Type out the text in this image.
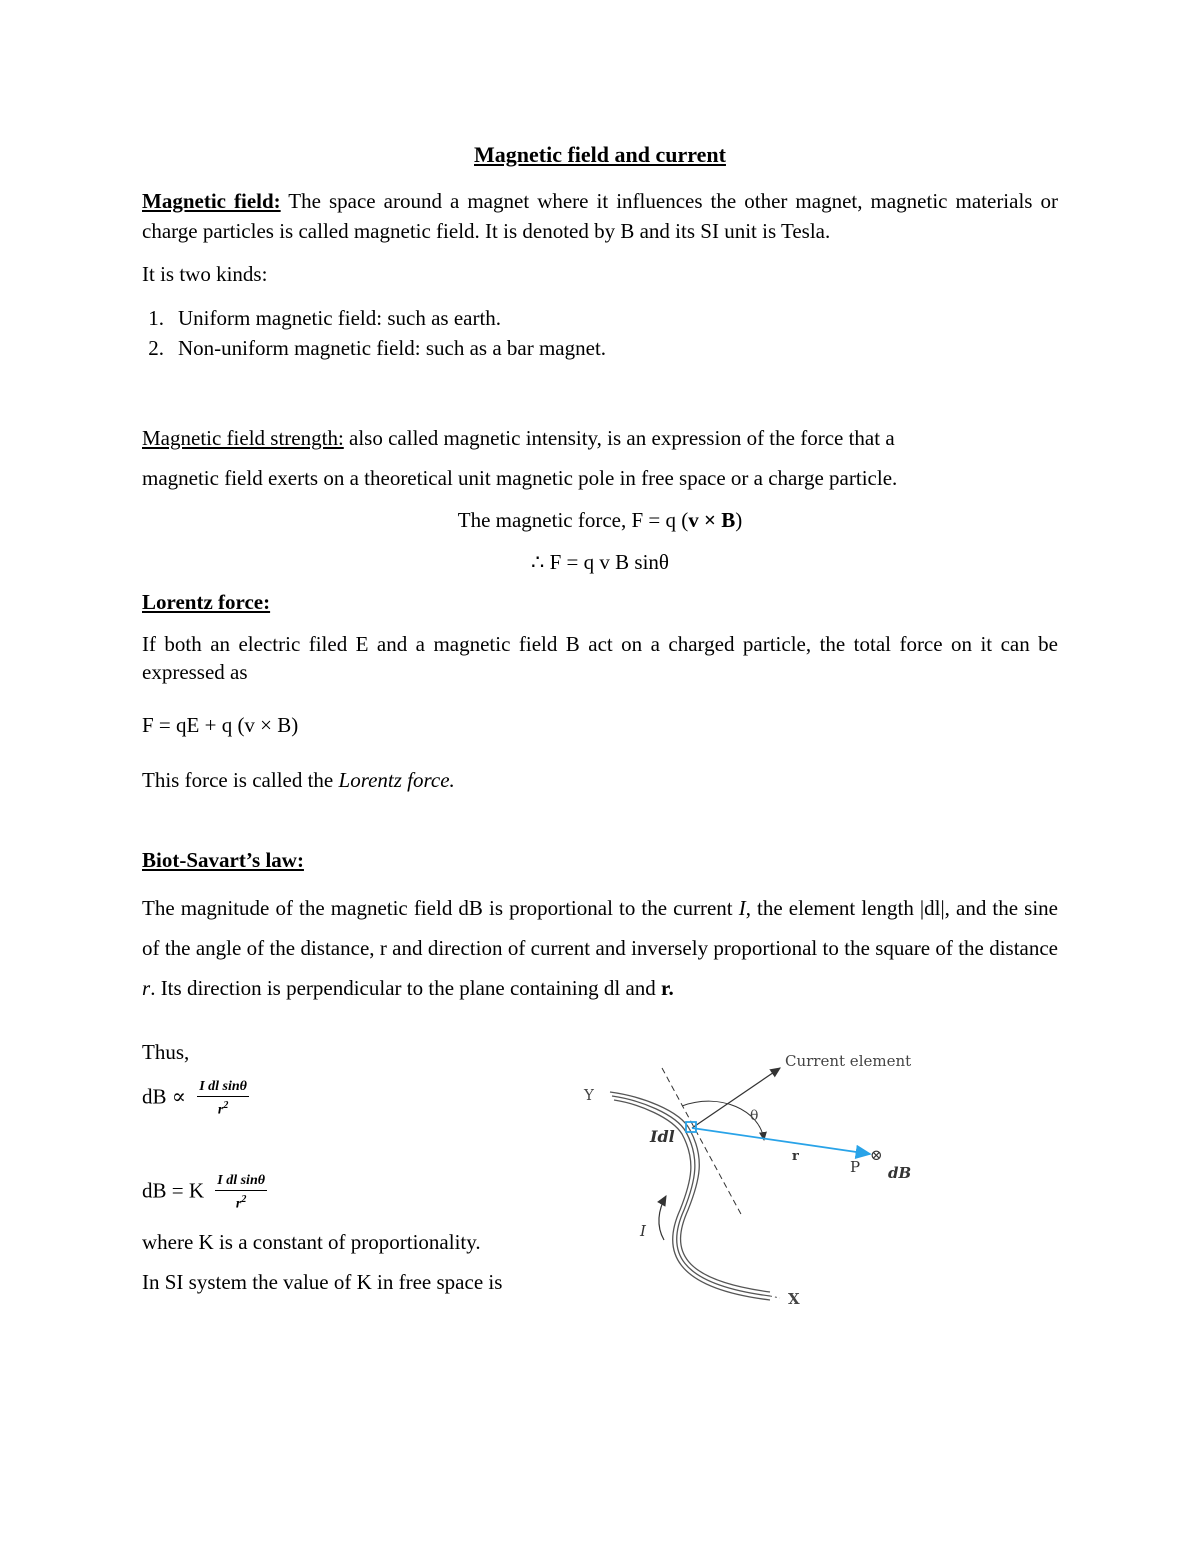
Magnetic field and current
Magnetic field: The space around a magnet where it influences the other magnet, magnetic materials or charge particles is called magnetic field. It is denoted by B and its SI unit is Tesla.
It is two kinds:
1. Uniform magnetic field: such as earth.
2. Non-uniform magnetic field: such as a bar magnet.
Magnetic field strength: also called magnetic intensity, is an expression of the force that a
magnetic field exerts on a theoretical unit magnetic pole in free space or a charge particle.
The magnetic force, F = q (v × B)
∴ F = q v B sinθ
Lorentz force:
If both an electric filed E and a magnetic field B act on a charged particle, the total force on it can be expressed as
F = qE + q (v × B)
This force is called the Lorentz force.
Biot-Savart’s law:
The magnitude of the magnetic field dB is proportional to the current I, the element length |dl|, and the sine of the angle of the distance, r and direction of current and inversely proportional to the square of the distance r. Its direction is perpendicular to the plane containing dl and r.
Thus,
dB ∝ $\frac{\text{I dl sinθ}}{r^2}$
dB = K $\frac{\text{I dl sinθ}}{r^2}$
where K is a constant of proportionality.
In SI system the value of K in free space is
Current element
Y
X
Idl
θ
r
P
⊗
dB
I
